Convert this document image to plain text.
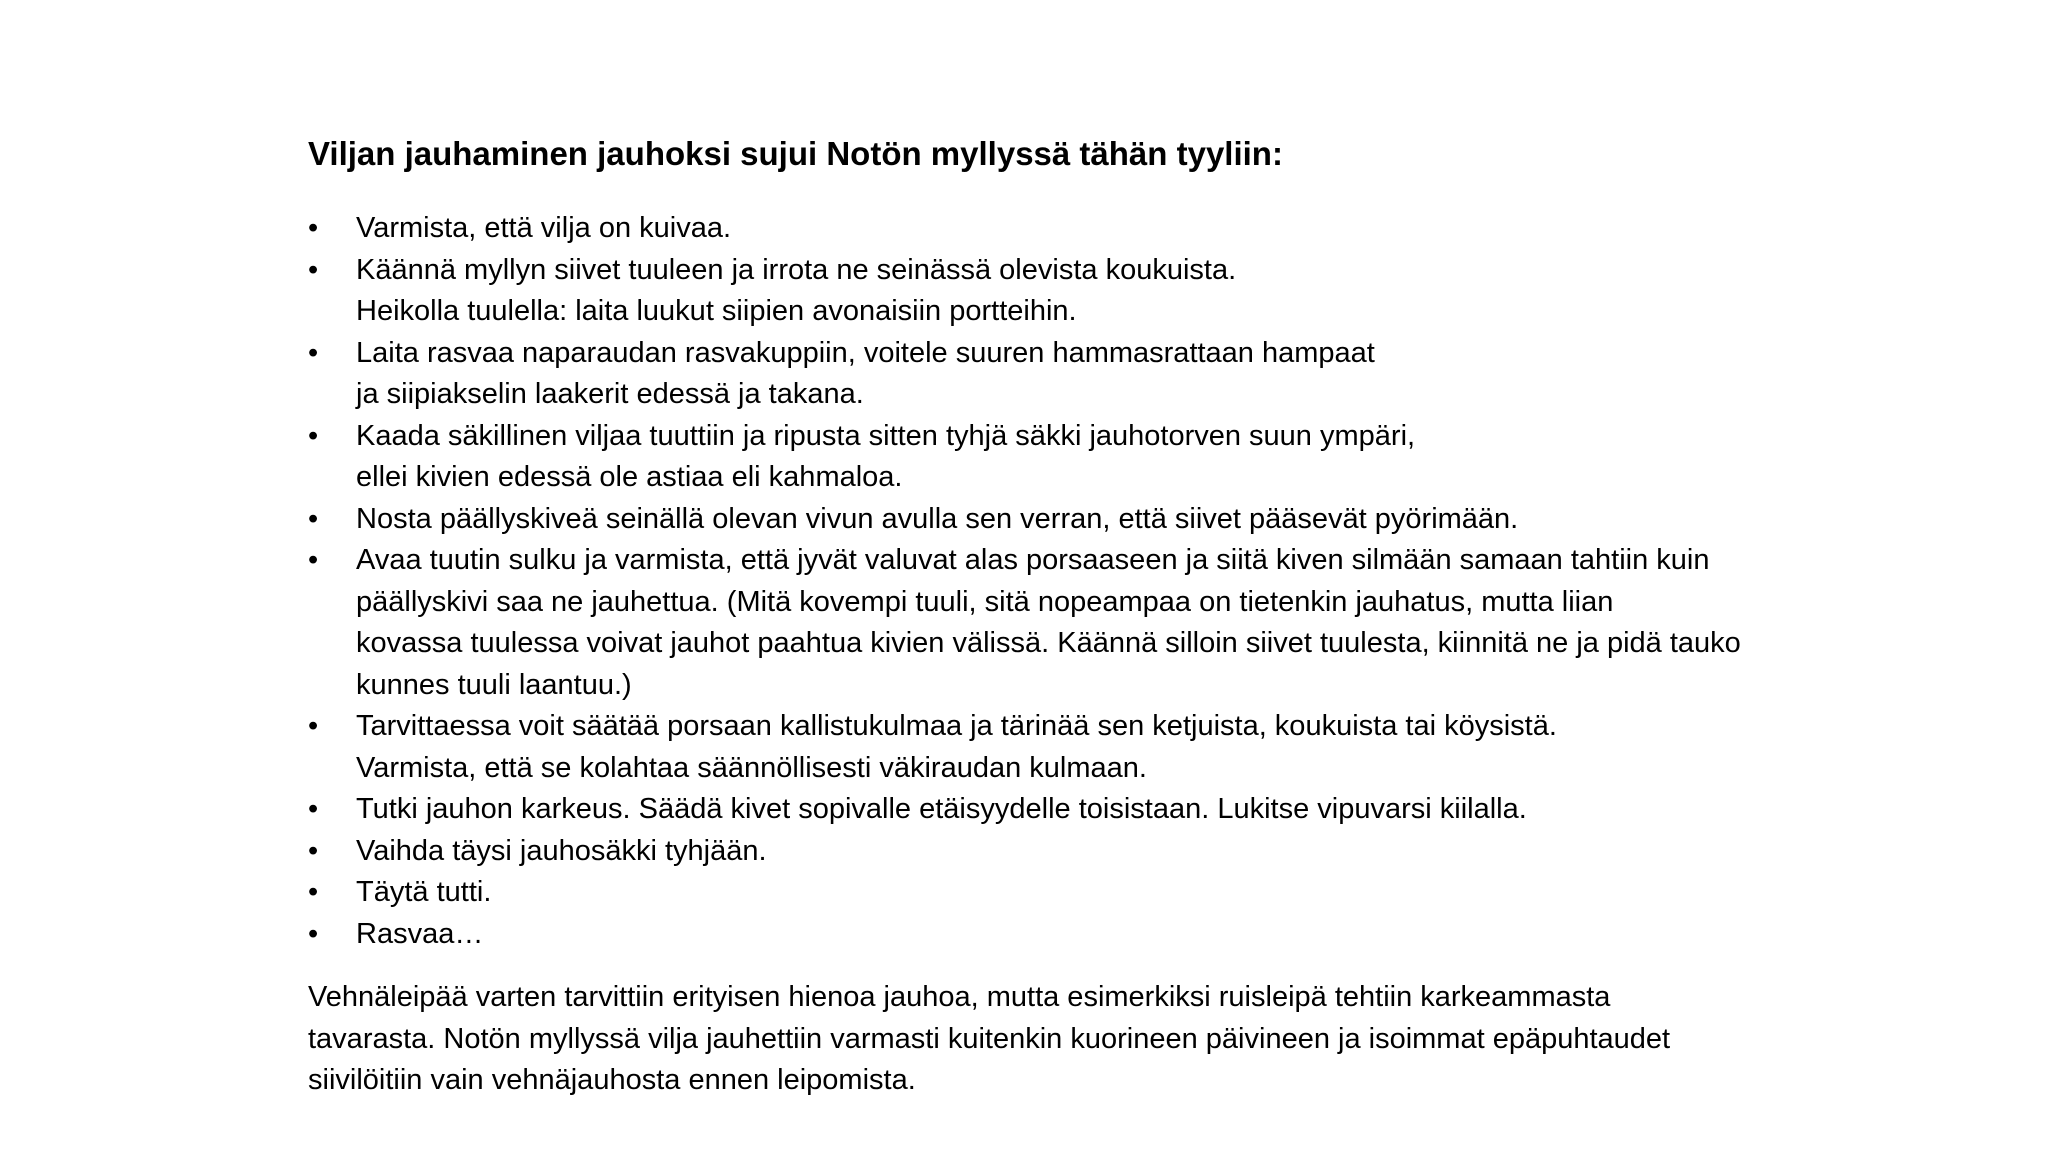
Viljan jauhaminen jauhoksi sujui Notön myllyssä tähän tyyliin:
•	Varmista, että vilja on kuivaa.
•	Käännä myllyn siivet tuuleen ja irrota ne seinässä olevista koukuista.
Heikolla tuulella: laita luukut siipien avonaisiin portteihin.
•	Laita rasvaa naparaudan rasvakuppiin, voitele suuren hammasrattaan hampaat
ja siipiakselin laakerit edessä ja takana.
•	Kaada säkillinen viljaa tuuttiin ja ripusta sitten tyhjä säkki jauhotorven suun ympäri,
ellei kivien edessä ole astiaa eli kahmaloa.
•	Nosta päällyskiveä seinällä olevan vivun avulla sen verran, että siivet pääsevät pyörimään.
•	Avaa tuutin sulku ja varmista, että jyvät valuvat alas porsaaseen ja siitä kiven silmään samaan tahtiin kuin
päällyskivi saa ne jauhettua. (Mitä kovempi tuuli, sitä nopeampaa on tietenkin jauhatus, mutta liian
kovassa tuulessa voivat jauhot paahtua kivien välissä. Käännä silloin siivet tuulesta, kiinnitä ne ja pidä tauko
kunnes tuuli laantuu.)
•	Tarvittaessa voit säätää porsaan kallistukulmaa ja tärinää sen ketjuista, koukuista tai köysistä.
Varmista, että se kolahtaa säännöllisesti väkiraudan kulmaan.
•	Tutki jauhon karkeus. Säädä kivet sopivalle etäisyydelle toisistaan. Lukitse vipuvarsi kiilalla.
•	Vaihda täysi jauhosäkki tyhjään.
•	Täytä tutti.
•	Rasvaa…
Vehnäleipää varten tarvittiin erityisen hienoa jauhoa, mutta esimerkiksi ruisleipä tehtiin karkeammasta
tavarasta. Notön myllyssä vilja jauhettiin varmasti kuitenkin kuorineen päivineen ja isoimmat epäpuhtaudet
siivilöitiin vain vehnäjauhosta ennen leipomista.
